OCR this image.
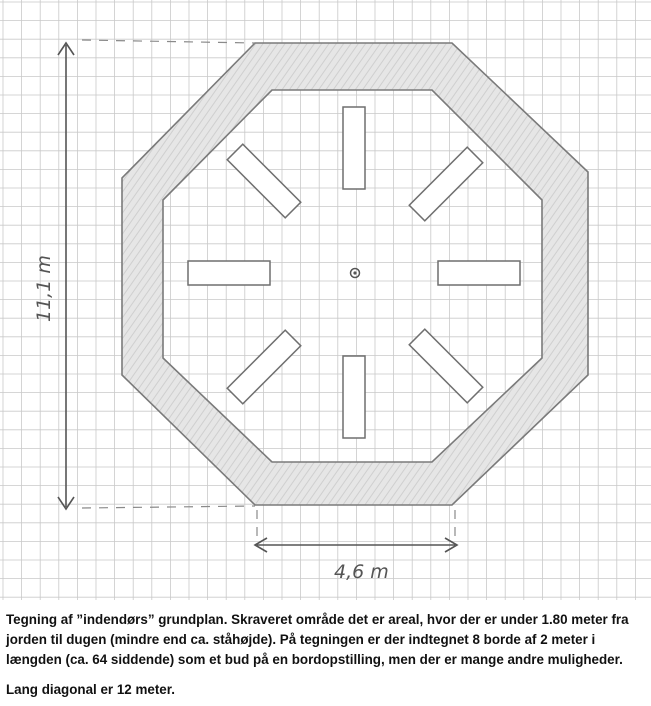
11,1 m
4,6 m

Tegning af ”indendørs” grundplan. Skraveret område det er areal, hvor der er under 1.80 meter fra jorden til dugen (mindre end ca. ståhøjde). På tegningen er der indtegnet 8 borde af 2 meter i længden (ca. 64 siddende) som et bud på en bordopstilling, men der er mange andre muligheder.

Lang diagonal er 12 meter.
